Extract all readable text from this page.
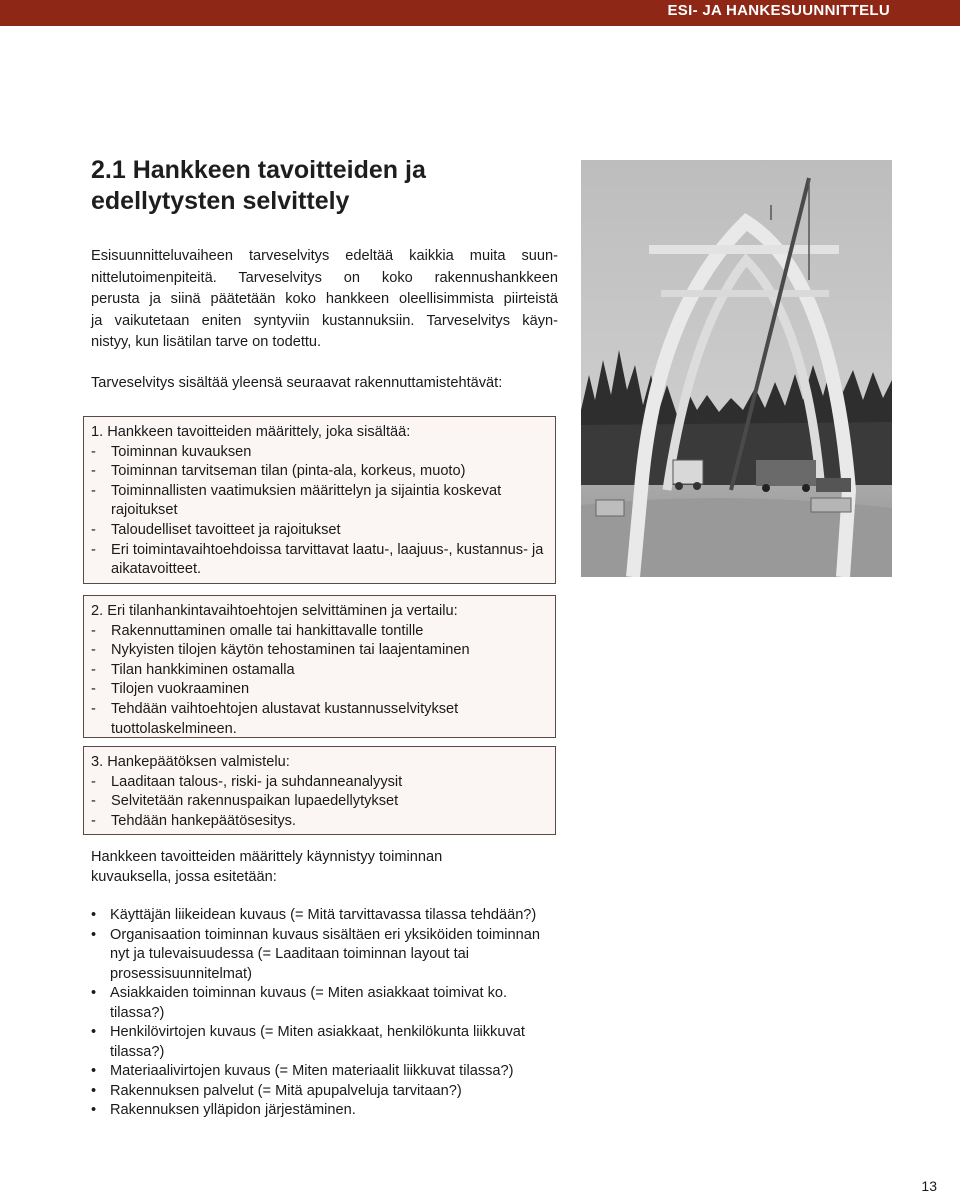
ESI- JA HANKESUUNNITTELU
2.1 Hankkeen tavoitteiden ja
edellytysten selvittely

Esisuunnitteluvaiheen tarveselvitys edeltää kaikkia muita suun-
nittelutoimenpiteitä. Tarveselvitys on koko rakennushankkeen
perusta ja siinä päätetään koko hankkeen oleellisimmista piirteistä
ja vaikutetaan eniten syntyviin kustannuksiin. Tarveselvitys käyn-
nistyy, kun lisätilan tarve on todettu.

Tarveselvitys sisältää yleensä seuraavat rakennuttamistehtävät:

1. Hankkeen tavoitteiden määrittely, joka sisältää:
- Toiminnan kuvauksen
- Toiminnan tarvitseman tilan (pinta-ala, korkeus, muoto)
- Toiminnallisten vaatimuksien määrittelyn ja sijaintia koskevat rajoitukset
- Taloudelliset tavoitteet ja rajoitukset
- Eri toimintavaihtoehdoissa tarvittavat laatu-, laajuus-, kustannus- ja aikatavoitteet.
2. Eri tilanhankintavaihtoehtojen selvittäminen ja vertailu:
- Rakennuttaminen omalle tai hankittavalle tontille
- Nykyisten tilojen käytön tehostaminen tai laajentaminen
- Tilan hankkiminen ostamalla
- Tilojen vuokraaminen
- Tehdään vaihtoehtojen alustavat kustannusselvitykset tuottolaskelmineen.
3. Hankepäätöksen valmistelu:
- Laaditaan talous-, riski- ja suhdanneanalyysit
- Selvitetään rakennuspaikan lupaedellytykset
- Tehdään hankepäätösesitys.

Hankkeen tavoitteiden määrittely käynnistyy toiminnan
kuvauksella, jossa esitetään:

• Käyttäjän liikeidean kuvaus (= Mitä tarvittavassa tilassa tehdään?)
• Organisaation toiminnan kuvaus sisältäen eri yksiköiden toiminnan nyt ja tulevaisuudessa (= Laaditaan toiminnan layout tai prosessisuunnitelmat)
• Asiakkaiden toiminnan kuvaus (= Miten asiakkaat toimivat ko. tilassa?)
• Henkilövirtojen kuvaus (= Miten asiakkaat, henkilökunta liikkuvat tilassa?)
• Materiaalivirtojen kuvaus (= Miten materiaalit liikkuvat tilassa?)
• Rakennuksen palvelut (= Mitä apupalveluja tarvitaan?)
• Rakennuksen ylläpidon järjestäminen.
13
